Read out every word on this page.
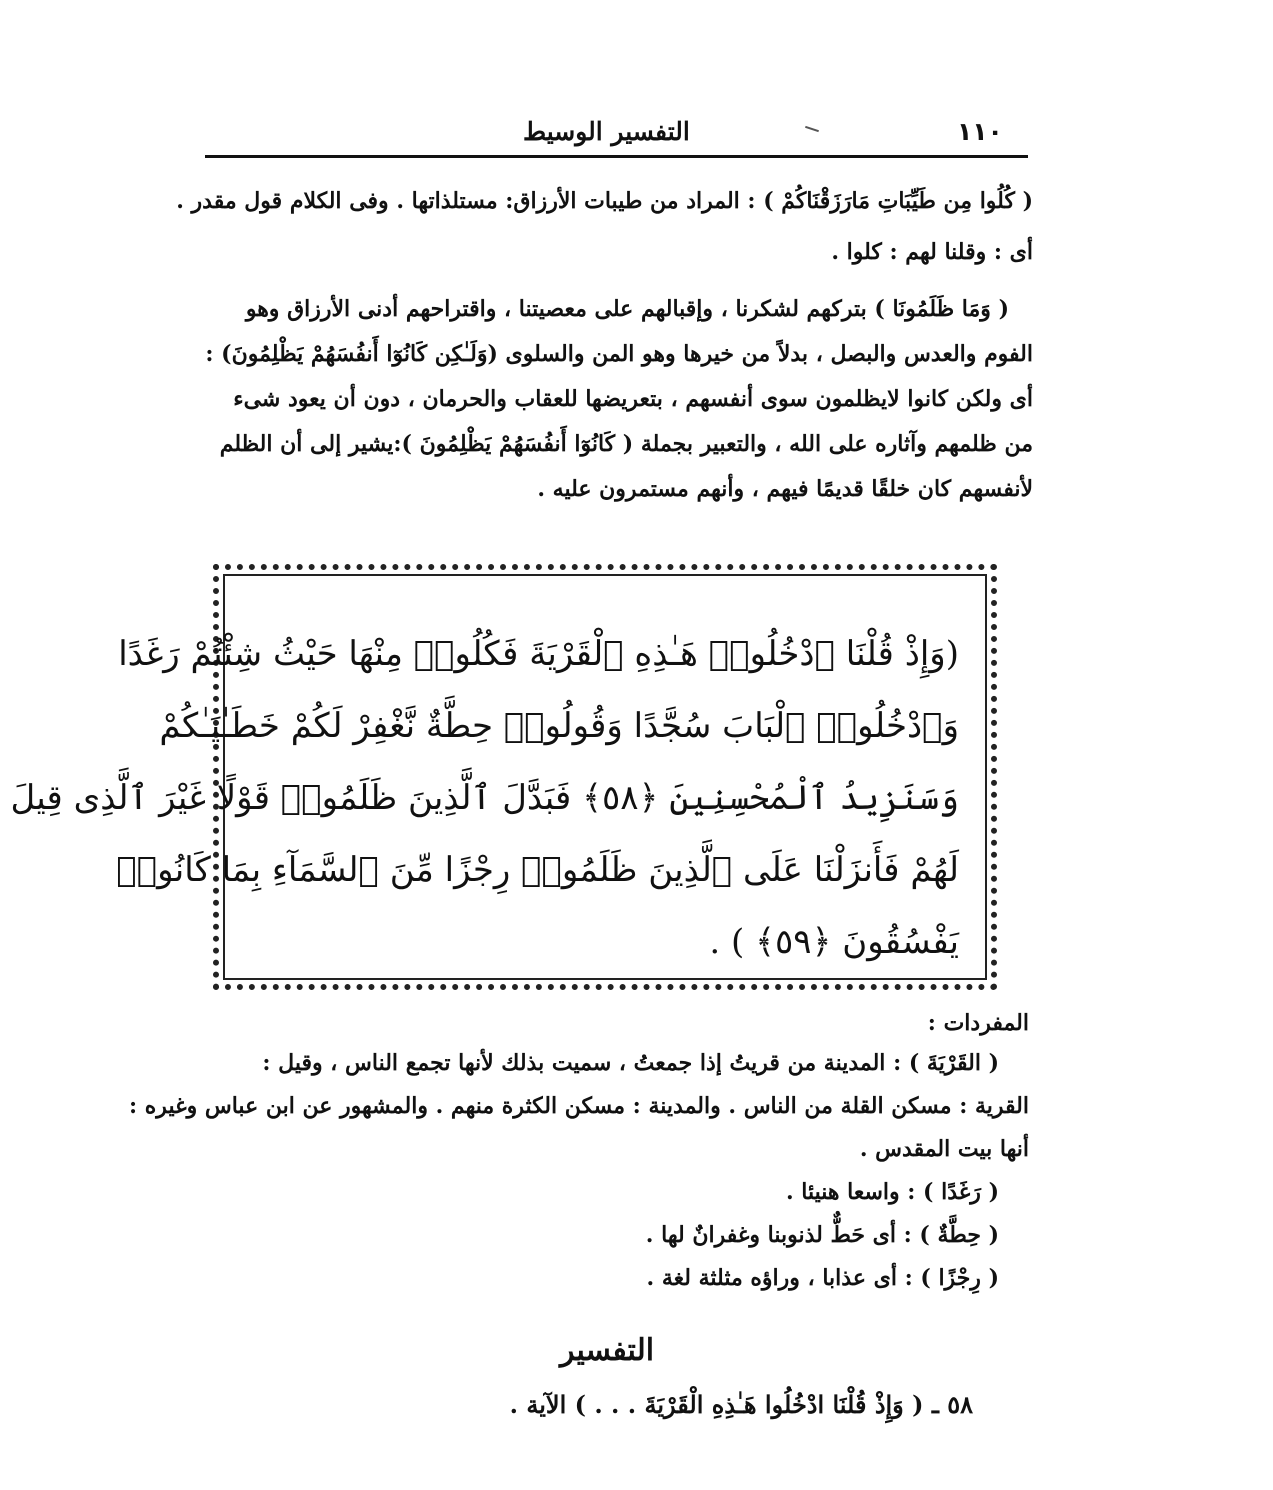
١١٠
التفسير الوسيط

( كُلُوا مِن طَيِّبَاتِ مَارَزَقْنَاكُمْ ) : المراد من طيبات الأرزاق: مستلذاتها . وفى الكلام قول مقدر .

أى : وقلنا لهم : كلوا .

( وَمَا ظَلَمُونَا ) بتركهم لشكرنا ، وإقبالهم على معصيتنا ، واقتراحهم أدنى الأرزاق وهو

الفوم والعدس والبصل ، بدلاً من خيرها وهو المن والسلوى (وَلَـٰكِن كَانُوٓا أَنفُسَهُمْ يَظْلِمُونَ) :

أى ولكن كانوا لايظلمون سوى أنفسهم ، بتعريضها للعقاب والحرمان ، دون أن يعود شىء

من ظلمهم وآثاره على الله ، والتعبير بجملة ( كَانُوٓا أَنفُسَهُمْ يَظْلِمُونَ ):يشير إلى أن الظلم

لأنفسهم كان خلقًا قديمًا فيهم ، وأنهم مستمرون عليه .

(وَإِذْ قُلْنَا ٱدْخُلُوا۟ هَـٰذِهِ ٱلْقَرْيَةَ فَكُلُوا۟ مِنْهَا حَيْثُ شِئْتُمْ رَغَدًا
وَٱدْخُلُوا۟ ٱلْبَابَ سُجَّدًا وَقُولُوا۟ حِطَّةٌ نَّغْفِرْ لَكُمْ خَطَـٰيَـٰكُمْ
وَسَنَزِيدُ ٱلْمُحْسِنِينَ ﴿٥٨﴾ فَبَدَّلَ ٱلَّذِينَ ظَلَمُوا۟ قَوْلًا غَيْرَ ٱلَّذِى قِيلَ
لَهُمْ فَأَنزَلْنَا عَلَى ٱلَّذِينَ ظَلَمُوا۟ رِجْزًا مِّنَ ٱلسَّمَآءِ بِمَا كَانُوا۟
يَفْسُقُونَ ﴿٥٩﴾ ) .
المفردات :

( القَرْيَةَ ) : المدينة من قريتُ إذا جمعتُ ، سميت بذلك لأنها تجمع الناس ، وقيل :

القرية : مسكن القلة من الناس . والمدينة : مسكن الكثرة منهم . والمشهور عن ابن عباس وغيره :

أنها بيت المقدس .

( رَغَدًا ) : واسعا هنيئا .

( حِطَّةٌ ) : أى حَطٌّ لذنوبنا وغفرانٌ لها .

( رِجْزًا ) : أى عذابا ، وراؤه مثلثة لغة .

التفسير
٥٨ ـ ( وَإِذْ قُلْنَا ادْخُلُوا هَـٰذِهِ الْقَرْيَةَ . . . ) الآية .
